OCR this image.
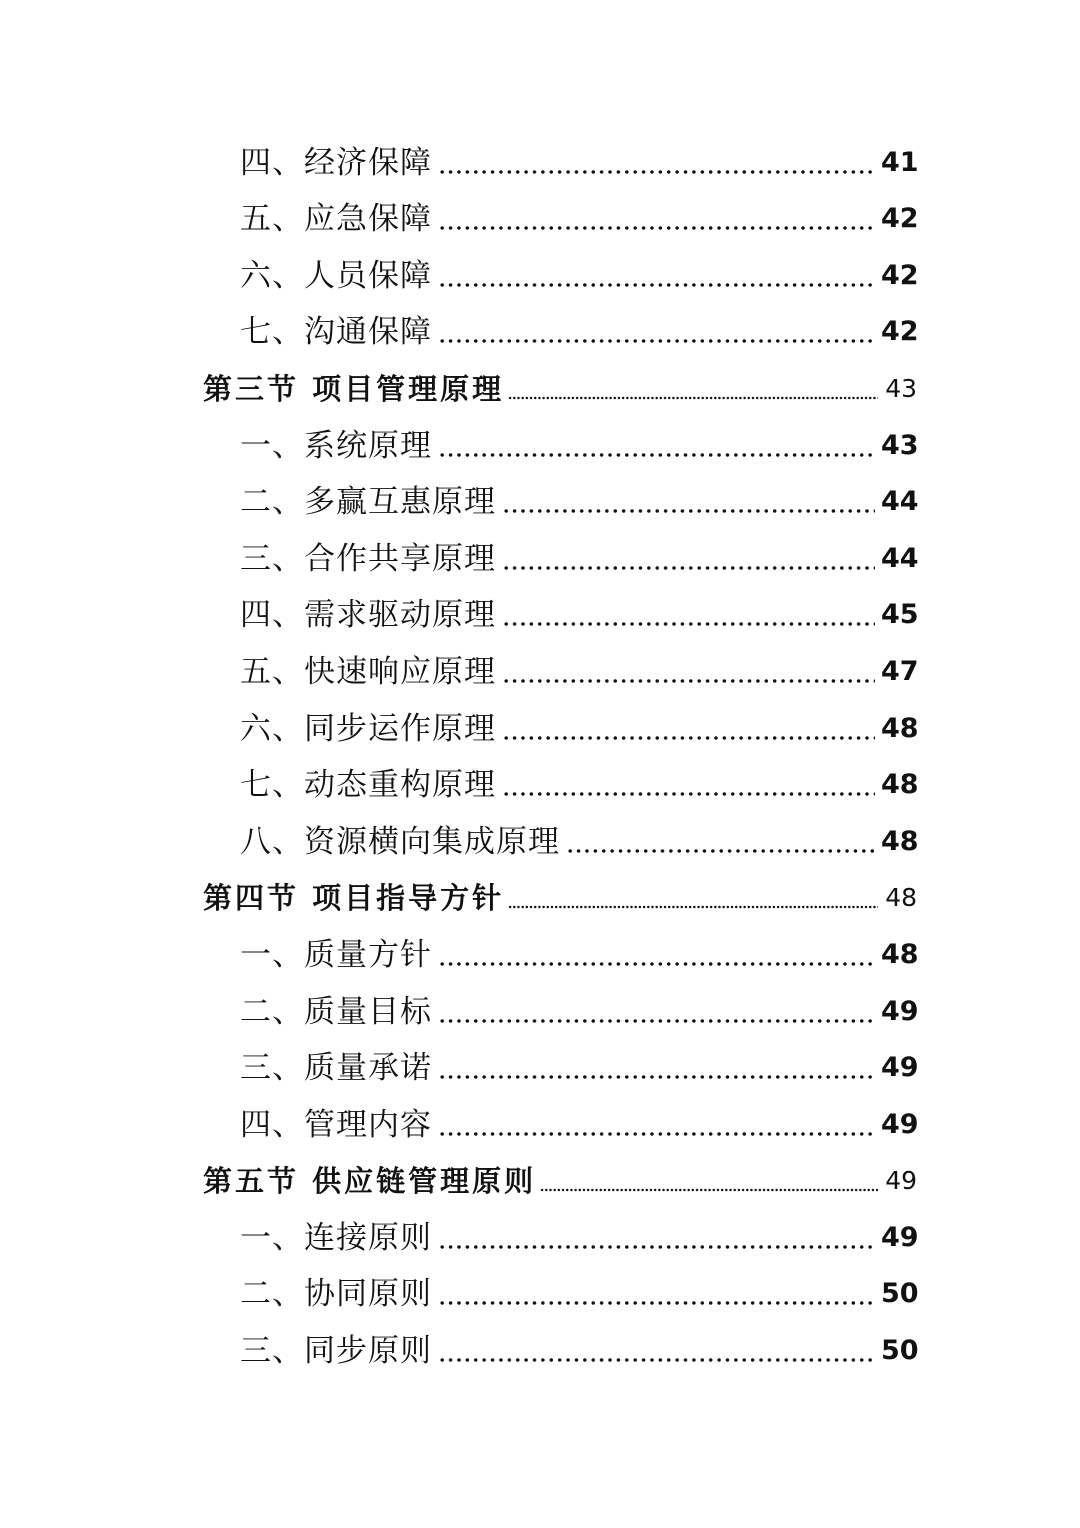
四、经济保障	41
五、应急保障	42
六、人员保障	42
七、沟通保障	42
第三节 项目管理原理	43
一、系统原理	43
二、多赢互惠原理	44
三、合作共享原理	44
四、需求驱动原理	45
五、快速响应原理	47
六、同步运作原理	48
七、动态重构原理	48
八、资源横向集成原理	48
第四节 项目指导方针	48
一、质量方针	48
二、质量目标	49
三、质量承诺	49
四、管理内容	49
第五节 供应链管理原则	49
一、连接原则	49
二、协同原则	50
三、同步原则	50
